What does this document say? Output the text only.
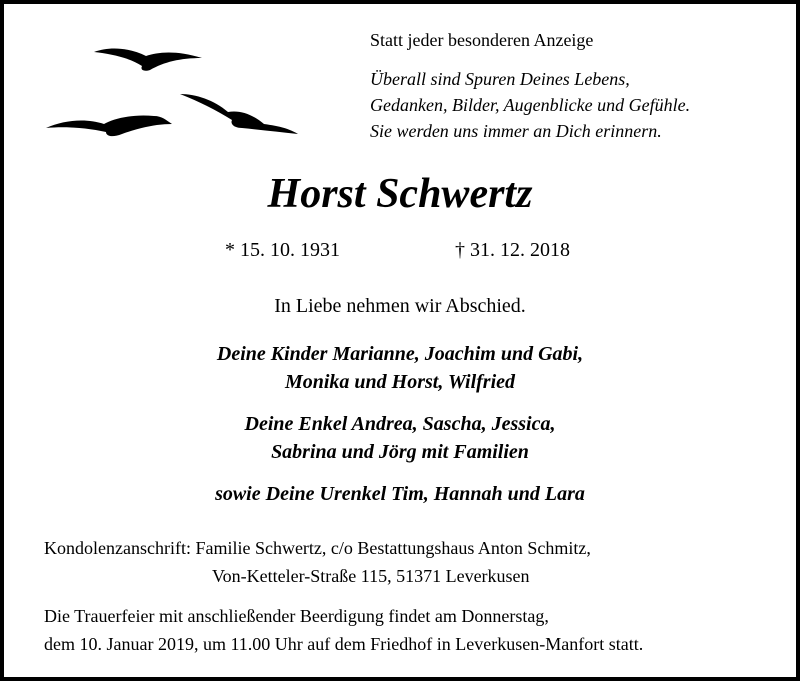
Statt jeder besonderen Anzeige
Überall sind Spuren Deines Lebens,
Gedanken, Bilder, Augenblicke und Gefühle.
Sie werden uns immer an Dich erinnern.
Horst Schwertz
* 15. 10. 1931	† 31. 12. 2018
In Liebe nehmen wir Abschied.
Deine Kinder Marianne, Joachim und Gabi,
Monika und Horst, Wilfried
Deine Enkel Andrea, Sascha, Jessica,
Sabrina und Jörg mit Familien
sowie Deine Urenkel Tim, Hannah und Lara
Kondolenzanschrift: Familie Schwertz, c/o Bestattungshaus Anton Schmitz,
Von-Ketteler-Straße 115, 51371 Leverkusen
Die Trauerfeier mit anschließender Beerdigung findet am Donnerstag,
dem 10. Januar 2019, um 11.00 Uhr auf dem Friedhof in Leverkusen-Manfort statt.
